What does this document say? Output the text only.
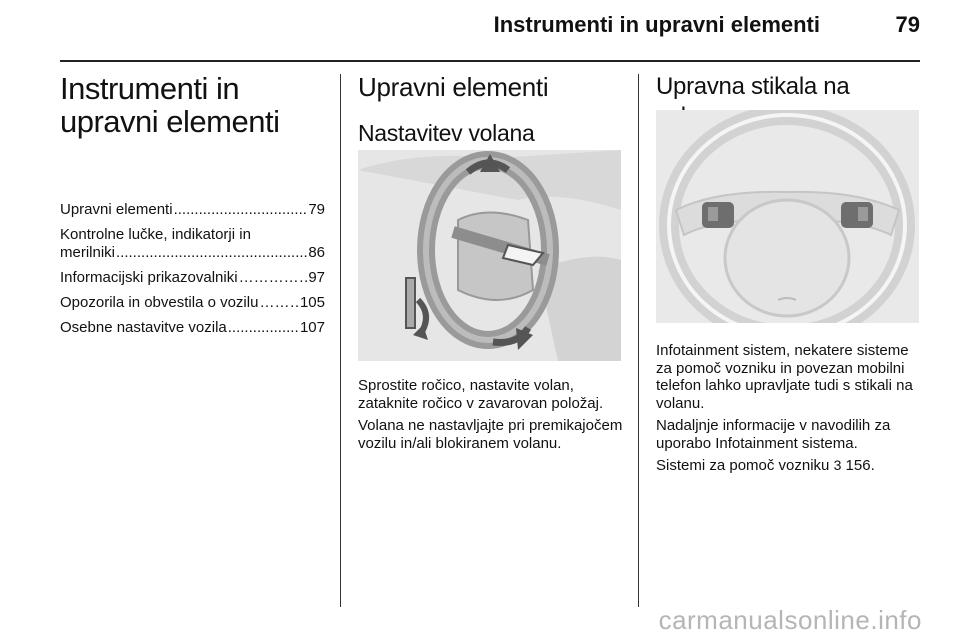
Instrumenti in upravni elementi	79
Instrumenti in upravni elementi
Upravni elementi .....	79
Kontrolne lučke, indikatorji in
merilniki .....	86
Informacijski prikazovalniki …………………………………………………………	97
Opozorila in obvestila o vozilu …………………………………………………………	105
Osebne nastavitve vozila .....	107
Upravni elementi
Nastavitev volana

Sprostite ročico, nastavite volan, zataknite ročico v zavarovan položaj.

Volana ne nastavljajte pri premikajočem vozilu in/ali blokiranem volanu.

Upravna stikala na

Infotainment sistem, nekatere sisteme za pomoč vozniku in povezan mobilni telefon lahko upravljate tudi s stikali na volanu.

Nadaljnje informacije v navodilih za uporabo Infotainment sistema.

Sistemi za pomoč vozniku 3 156.

carmanualsonline.info
